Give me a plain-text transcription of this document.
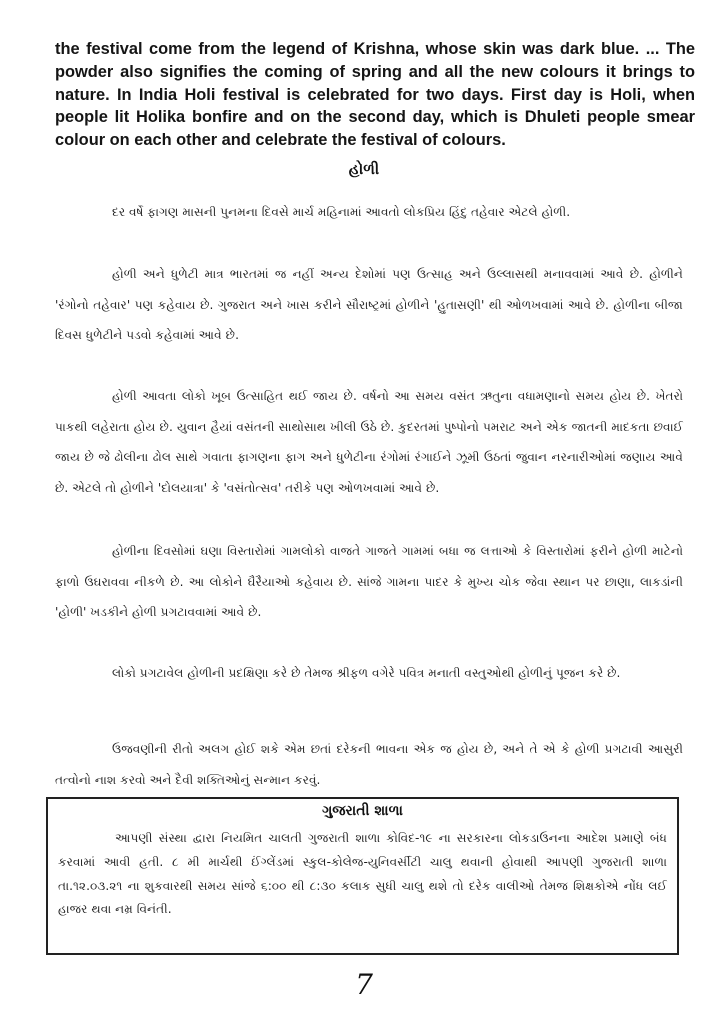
the festival come from the legend of Krishna, whose skin was dark blue. ... The powder also signifies the coming of spring and all the new colours it brings to nature. In India Holi festival is celebrated for two days. First day is Holi, when people lit Holika bonfire and on the second day, which is Dhuleti people smear colour on each other and celebrate the festival of colours.
હોળી
દર વર્ષે ફાગણ માસની પુનમના દિવસે માર્ચ મહિનામાં આવતો લોકપ્રિય હિંદુ તહેવાર એટલે હોળી.
હોળી અને ધુળેટી માત્ર ભારતમાં જ નહીં અન્ય દેશોમાં પણ ઉત્સાહ અને ઉલ્લાસથી મનાવવામાં આવે છે. હોળીને 'રંગોનો તહેવાર' પણ કહેવાય છે. ગુજરાત અને ખાસ કરીને સૌરાષ્ટ્રમાં હોળીને 'હુતાસણી' થી ઓળખવામાં આવે છે. હોળીના બીજા દિવસ ધુળેટીને પડવો કહેવામાં આવે છે.
હોળી આવતા લોકો ખૂબ ઉત્સાહિત થઈ જાય છે. વર્ષનો આ સમય વસંત ઋતુના વધામણાનો સમય હોય છે. ખેતરો પાકથી લહેરાતા હોય છે. યુવાન હૈયાં વસંતની સાથોસાથ ખીલી ઉઠે છે. કુદરતમાં પુષ્પોનો પમરાટ અને એક જાતની માદકતા છવાઈ જાય છે જે ઢોલીના ઢોલ સાથે ગવાતા ફાગણના ફાગ અને ધુળેટીના રંગોમાં રંગાઈને ઝૂમી ઉઠતાં જુવાન નરનારીઓમાં જણાય આવે છે. એટલે તો હોળીને 'દોલયાત્રા' કે 'વસંતોત્સવ' તરીકે પણ ઓળખવામાં આવે છે.
હોળીના દિવસોમાં ઘણા વિસ્તારોમાં ગામલોકો વાજતે ગાજતે ગામમાં બધા જ લત્તાઓ કે વિસ્તારોમાં ફરીને હોળી માટેનો ફાળો ઉઘરાવવા નીકળે છે. આ લોકોને ઘૈરૈયાઓ કહેવાય છે. સાંજે ગામના પાદર કે મુખ્ય ચોક જેવા સ્થાન પર છાણા, લાકડાંની 'હોળી' ખડકીને હોળી પ્રગટાવવામાં આવે છે.
લોકો પ્રગટાવેલ હોળીની પ્રદક્ષિણા કરે છે તેમજ શ્રીફળ વગેરે પવિત્ર મનાતી વસ્તુઓથી હોળીનું પૂજન કરે છે.
ઉજવણીની રીતો અલગ હોઈ શકે એમ છતાં દરેકની ભાવના એક જ હોય છે, અને તે એ કે હોળી પ્રગટાવી આસુરી તત્વોનો નાશ કરવો અને દૈવી શક્તિઓનું સન્માન કરવું.
ગુજરાતી શાળા
આપણી સંસ્થા દ્વારા નિયમિત ચાલતી ગુજરાતી શાળા કોવિદ-૧૯ ના સરકારના લોકડાઉનના આદેશ પ્રમાણે બંધ કરવામાં આવી હતી. ૮ મી માર્ચથી ઈંગ્લેંડમાં સ્કુલ-કોલેજ-યુનિવર્સીટી ચાલુ થવાની હોવાથી આપણી ગુજરાતી શાળા તા.૧૨.૦૩.૨૧ ના શુકવારથી સમય સાંજે ૬:૦૦ થી ૮:૩૦ કલાક સુધી ચાલુ થશે તો દરેક વાલીઓ તેમજ શિક્ષકોએ નોંધ લઈ હાજર થવા નમ્ર વિનંતી.
7
